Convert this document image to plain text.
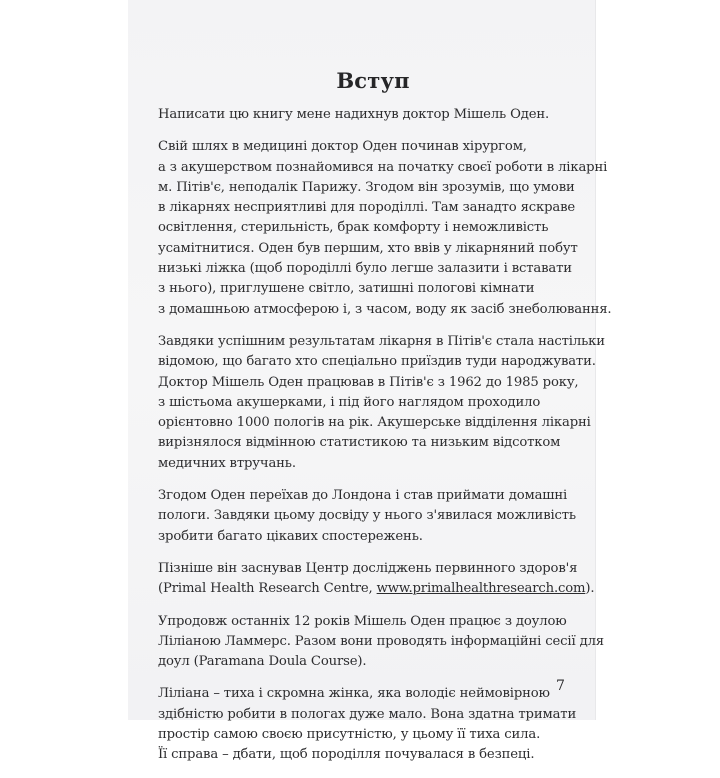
Вступ

Написати цю книгу мене надихнув доктор Мішель Оден.

Свій шлях в медицині доктор Оден починав хірургом,
а з акушерством познайомився на початку своєї роботи в лікарні
м. Пітів'є, неподалік Парижу. Згодом він зрозумів, що умови
в лікарнях несприятливі для породіллі. Там занадто яскраве
освітлення, стерильність, брак комфорту і неможливість
усамітнитися. Оден був першим, хто ввів у лікарняний побут
низькі ліжка (щоб породіллі було легше залазити і вставати
з нього), приглушене світло, затишні пологові кімнати
з домашньою атмосферою і, з часом, воду як засіб знеболювання.

Завдяки успішним результатам лікарня в Пітів'є стала настільки
відомою, що багато хто спеціально приїздив туди народжувати.
Доктор Мішель Оден працював в Пітів'є з 1962 до 1985 року,
з шістьома акушерками, і під його наглядом проходило
орієнтовно 1000 пологів на рік. Акушерське відділення лікарні
вирізнялося відмінною статистикою та низьким відсотком
медичних втручань.

Згодом Оден переїхав до Лондона і став приймати домашні
пологи. Завдяки цьому досвіду у нього з'явилася можливість
зробити багато цікавих спостережень.

Пізніше він заснував Центр досліджень первинного здоров'я
(Primal Health Research Centre, www.primalhealthresearch.com).

Упродовж останніх 12 років Мішель Оден працює з доулою
Ліліаною Ламмерс. Разом вони проводять інформаційні сесії для
доул (Paramana Doula Course).

Ліліана – тиха і скромна жінка, яка володіє неймовірною
здібністю робити в пологах дуже мало. Вона здатна тримати
простір самою своєю присутністю, у цьому її тиха сила.
Її справа – дбати, щоб породілля почувалася в безпеці.

7
